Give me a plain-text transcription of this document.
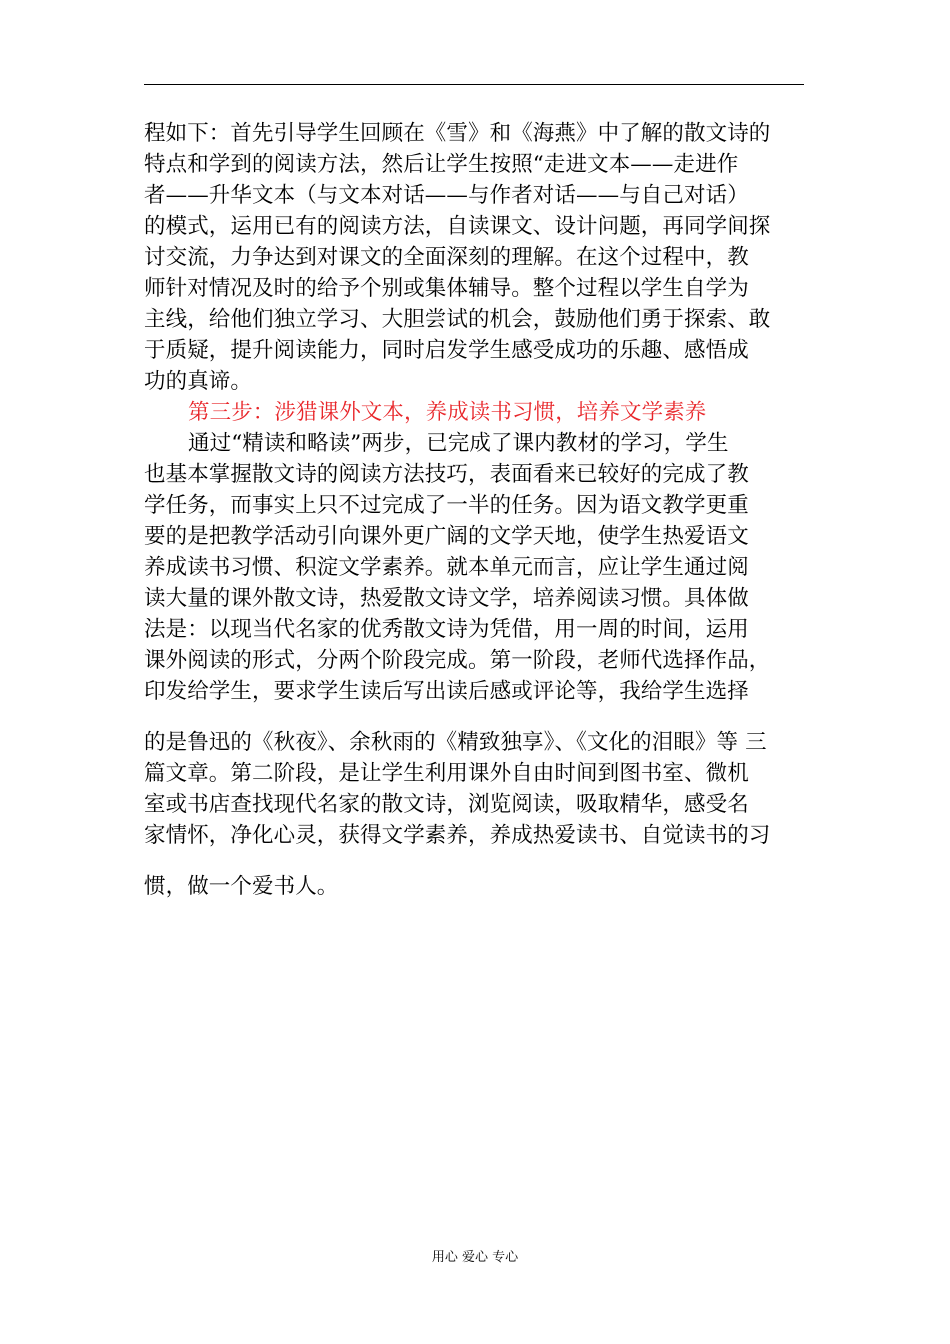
程如下：首先引导学生回顾在《雪》和《海燕》中了解的散文诗的
特点和学到的阅读方法，然后让学生按照“走进文本——走进作
者——升华文本（与文本对话——与作者对话——与自己对话）
的模式，运用已有的阅读方法，自读课文、设计问题，再同学间探
讨交流，力争达到对课文的全面深刻的理解。在这个过程中，教
师针对情况及时的给予个别或集体辅导。整个过程以学生自学为
主线，给他们独立学习、大胆尝试的机会，鼓励他们勇于探索、敢
于质疑，提升阅读能力，同时启发学生感受成功的乐趣、感悟成
功的真谛。
第三步：涉猎课外文本，养成读书习惯，培养文学素养
通过“精读和略读”两步，已完成了课内教材的学习，学生
也基本掌握散文诗的阅读方法技巧，表面看来已较好的完成了教
学任务，而事实上只不过完成了一半的任务。因为语文教学更重
要的是把教学活动引向课外更广阔的文学天地，使学生热爱语文
养成读书习惯、积淀文学素养。就本单元而言，应让学生通过阅
读大量的课外散文诗，热爱散文诗文学，培养阅读习惯。具体做
法是：以现当代名家的优秀散文诗为凭借，用一周的时间，运用
课外阅读的形式，分两个阶段完成。第一阶段，老师代选择作品，
印发给学生，要求学生读后写出读后感或评论等，我给学生选择
的是鲁迅的《秋夜》、余秋雨的《精致独享》、《文化的泪眼》等 三
篇文章。第二阶段，是让学生利用课外自由时间到图书室、微机
室或书店查找现代名家的散文诗，浏览阅读，吸取精华，感受名
家情怀，净化心灵，获得文学素养，养成热爱读书、自觉读书的习
惯，做一个爱书人。
用心 爱心 专心
